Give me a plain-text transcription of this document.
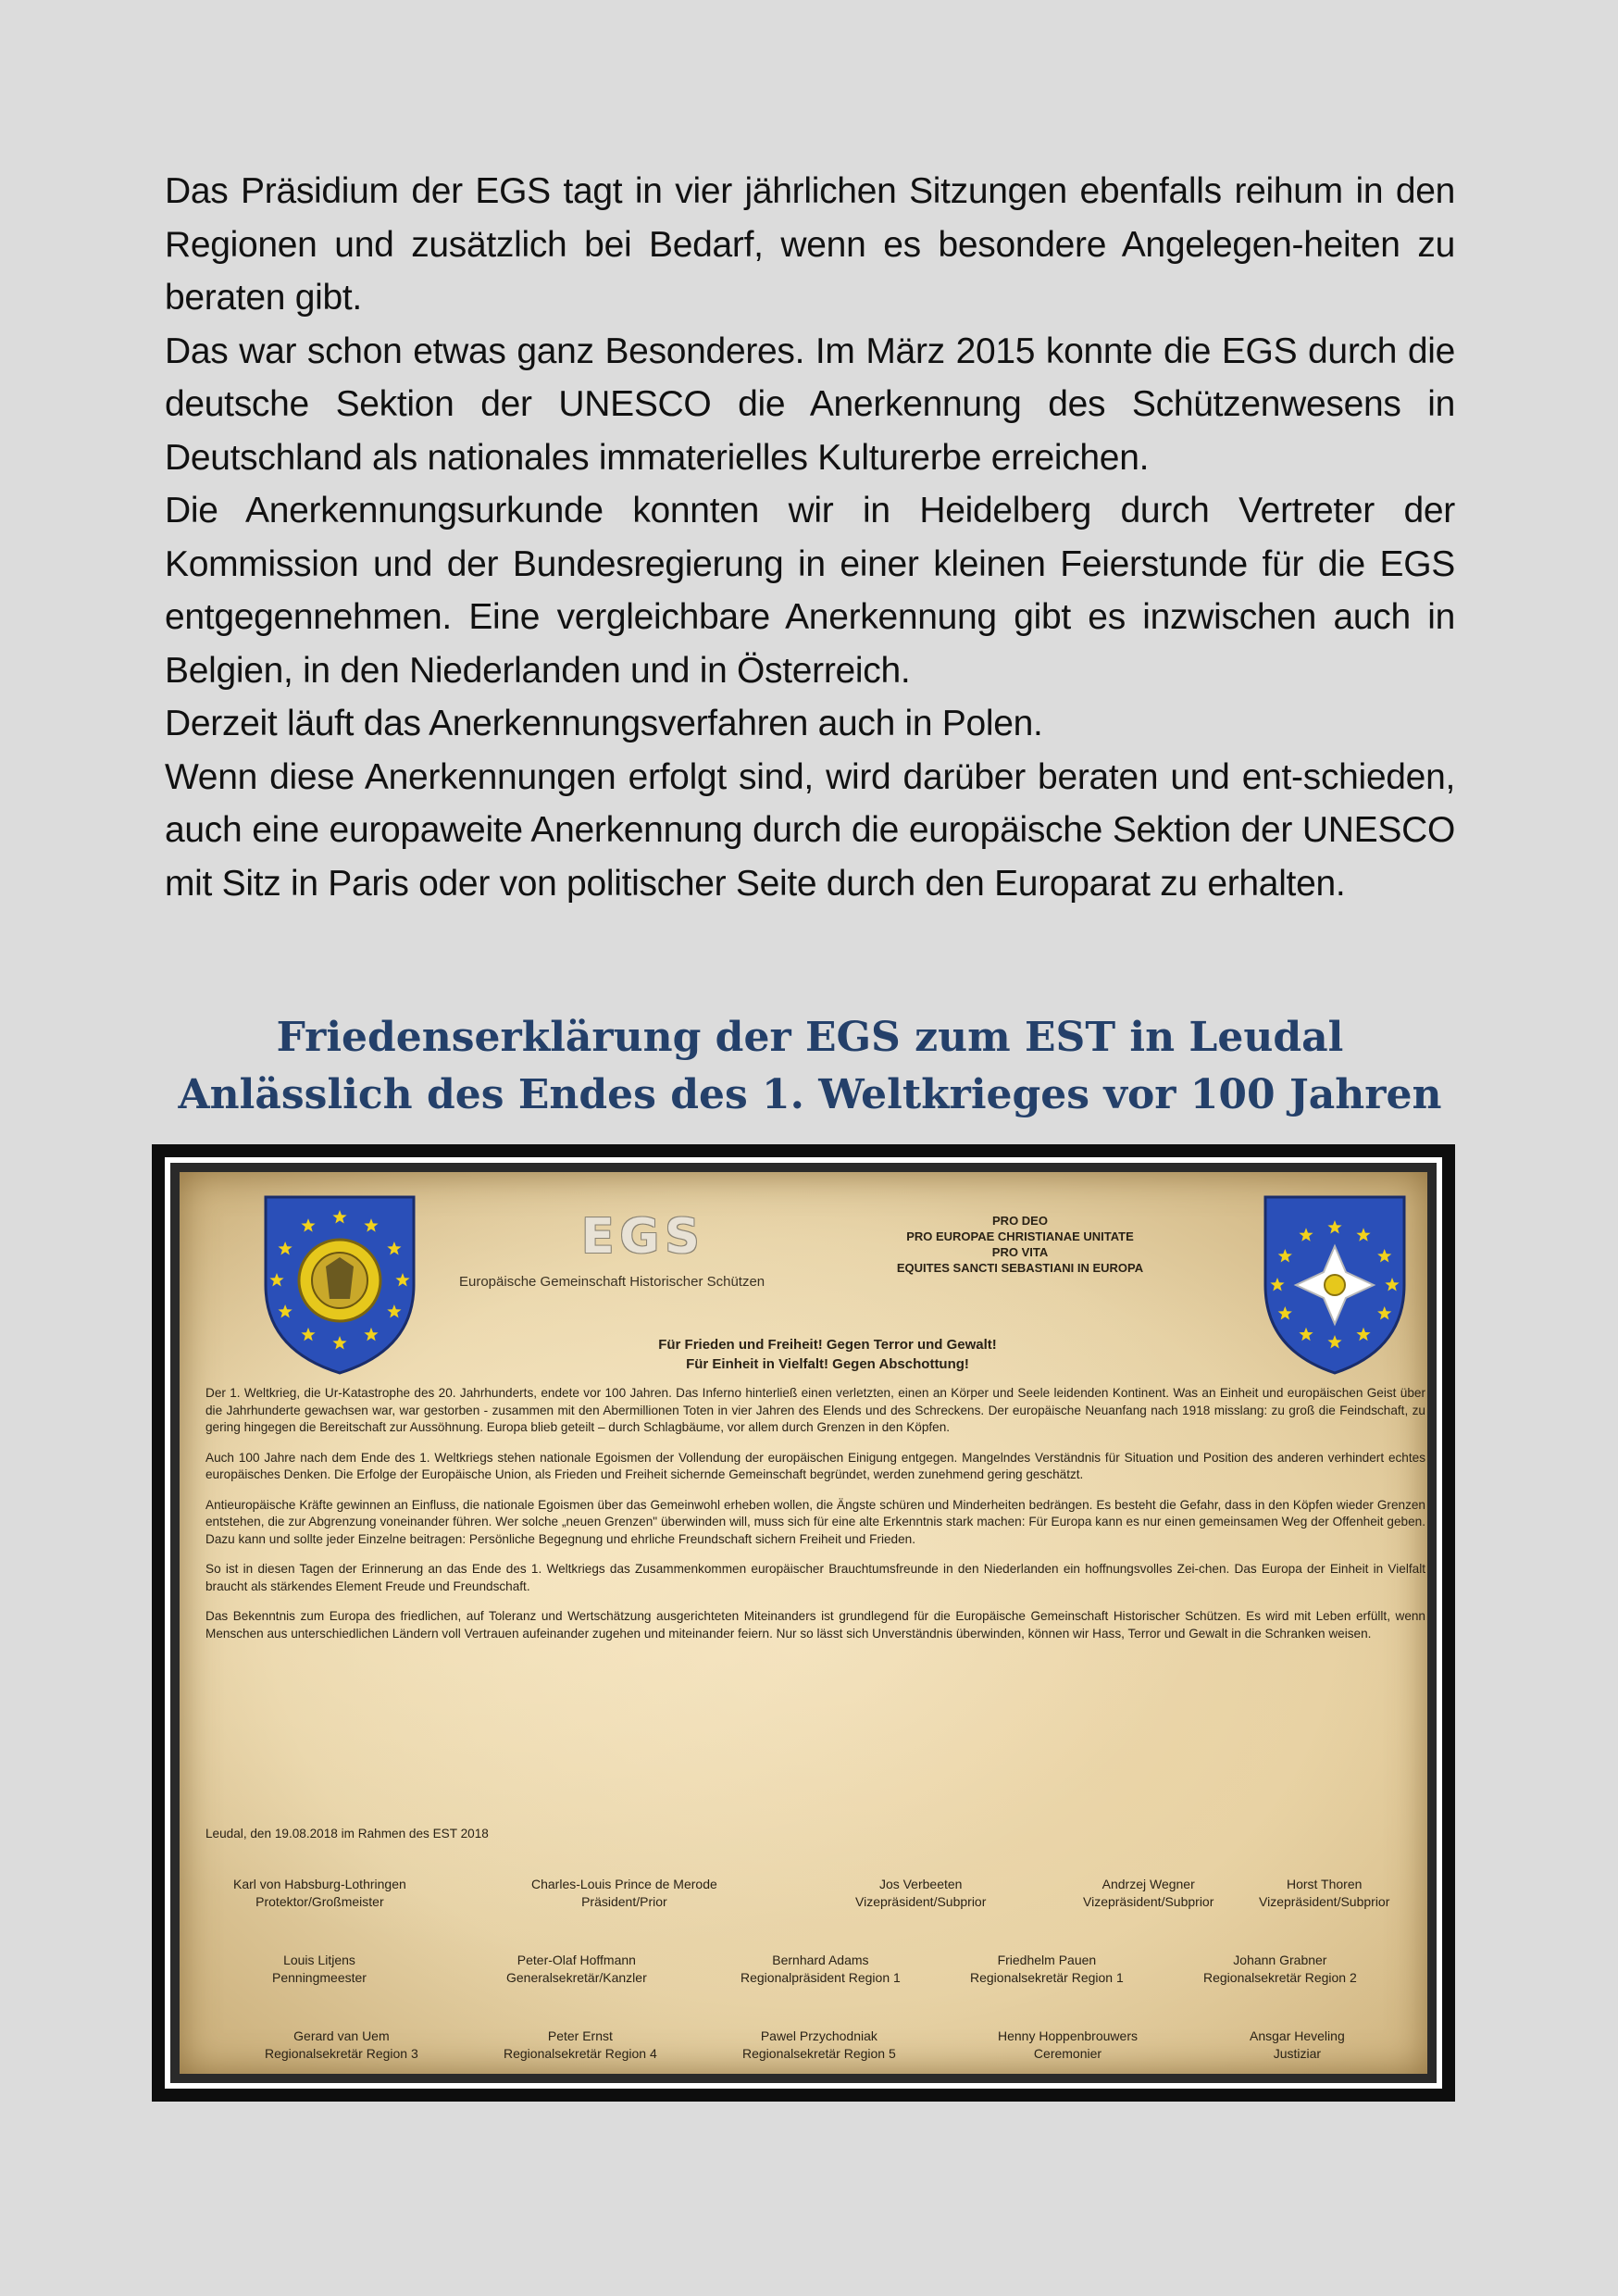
Das Präsidium der EGS tagt in vier jährlichen Sitzungen ebenfalls reihum in den Regionen und zusätzlich bei Bedarf, wenn es besondere Angelegen-heiten zu beraten gibt.

Das war schon etwas ganz Besonderes. Im März 2015 konnte die EGS durch die deutsche Sektion der UNESCO die Anerkennung des Schützenwesens in Deutschland als nationales immaterielles Kulturerbe erreichen.

Die Anerkennungsurkunde konnten wir in Heidelberg durch Vertreter der Kommission und der Bundesregierung in einer kleinen Feierstunde für die EGS entgegennehmen. Eine vergleichbare Anerkennung gibt es inzwischen auch in Belgien, in den Niederlanden und in Österreich.

Derzeit läuft das Anerkennungsverfahren auch in Polen.

Wenn diese Anerkennungen erfolgt sind, wird darüber beraten und ent-schieden, auch eine europaweite Anerkennung durch die europäische Sektion der UNESCO mit Sitz in Paris oder von politischer Seite durch den Europarat zu erhalten.

Friedenserklärung der EGS zum EST in Leudal
Anlässlich des Endes des 1. Weltkrieges vor 100 Jahren
EGS
Europäische Gemeinschaft Historischer Schützen
PRO DEO
PRO EUROPAE CHRISTIANAE UNITATE
PRO VITA
EQUITES SANCTI SEBASTIANI IN EUROPA
Für Frieden und Freiheit! Gegen Terror und Gewalt!
Für Einheit in Vielfalt! Gegen Abschottung!

Der 1. Weltkrieg, die Ur-Katastrophe des 20. Jahrhunderts, endete vor 100 Jahren. Das Inferno hinterließ einen verletzten, einen an Körper und Seele leidenden Kontinent. Was an Einheit und europäischen Geist über die Jahrhunderte gewachsen war, war gestorben - zusammen mit den Abermillionen Toten in vier Jahren des Elends und des Schreckens. Der europäische Neuanfang nach 1918 misslang: zu groß die Feindschaft, zu gering hingegen die Bereitschaft zur Aussöhnung. Europa blieb geteilt – durch Schlagbäume, vor allem durch Grenzen in den Köpfen.

Auch 100 Jahre nach dem Ende des 1. Weltkriegs stehen nationale Egoismen der Vollendung der europäischen Einigung entgegen. Mangelndes Verständnis für Situation und Position des anderen verhindert echtes europäisches Denken. Die Erfolge der Europäische Union, als Frieden und Freiheit sichernde Gemeinschaft begründet, werden zunehmend gering geschätzt.

Antieuropäische Kräfte gewinnen an Einfluss, die nationale Egoismen über das Gemeinwohl erheben wollen, die Ängste schüren und Minderheiten bedrängen. Es besteht die Gefahr, dass in den Köpfen wieder Grenzen entstehen, die zur Abgrenzung voneinander führen. Wer solche „neuen Grenzen" überwinden will, muss sich für eine alte Erkenntnis stark machen: Für Europa kann es nur einen gemeinsamen Weg der Offenheit geben. Dazu kann und sollte jeder Einzelne beitragen: Persönliche Begegnung und ehrliche Freundschaft sichern Freiheit und Frieden.

So ist in diesen Tagen der Erinnerung an das Ende des 1. Weltkriegs das Zusammenkommen europäischer Brauchtumsfreunde in den Niederlanden ein hoffnungsvolles Zei-chen. Das Europa der Einheit in Vielfalt braucht als stärkendes Element Freude und Freundschaft.

Das Bekenntnis zum Europa des friedlichen, auf Toleranz und Wertschätzung ausgerichteten Miteinanders ist grundlegend für die Europäische Gemeinschaft Historischer Schützen. Es wird mit Leben erfüllt, wenn Menschen aus unterschiedlichen Ländern voll Vertrauen aufeinander zugehen und miteinander feiern. Nur so lässt sich Unverständnis überwinden, können wir Hass, Terror und Gewalt in die Schranken weisen.

Leudal, den 19.08.2018 im Rahmen des EST 2018
Karl von Habsburg-Lothringen
Protektor/Großmeister
Charles-Louis Prince de Merode
Präsident/Prior
Jos Verbeeten
Vizepräsident/Subprior
Andrzej Wegner
Vizepräsident/Subprior
Horst Thoren
Vizepräsident/Subprior
Louis Litjens
Penningmeester
Peter-Olaf Hoffmann
Generalsekretär/Kanzler
Bernhard Adams
Regionalpräsident Region 1
Friedhelm Pauen
Regionalsekretär Region 1
Johann Grabner
Regionalsekretär Region 2
Gerard van Uem
Regionalsekretär Region 3
Peter Ernst
Regionalsekretär Region 4
Pawel Przychodniak
Regionalsekretär Region 5
Henny Hoppenbrouwers
Ceremonier
Ansgar Heveling
Justiziar
